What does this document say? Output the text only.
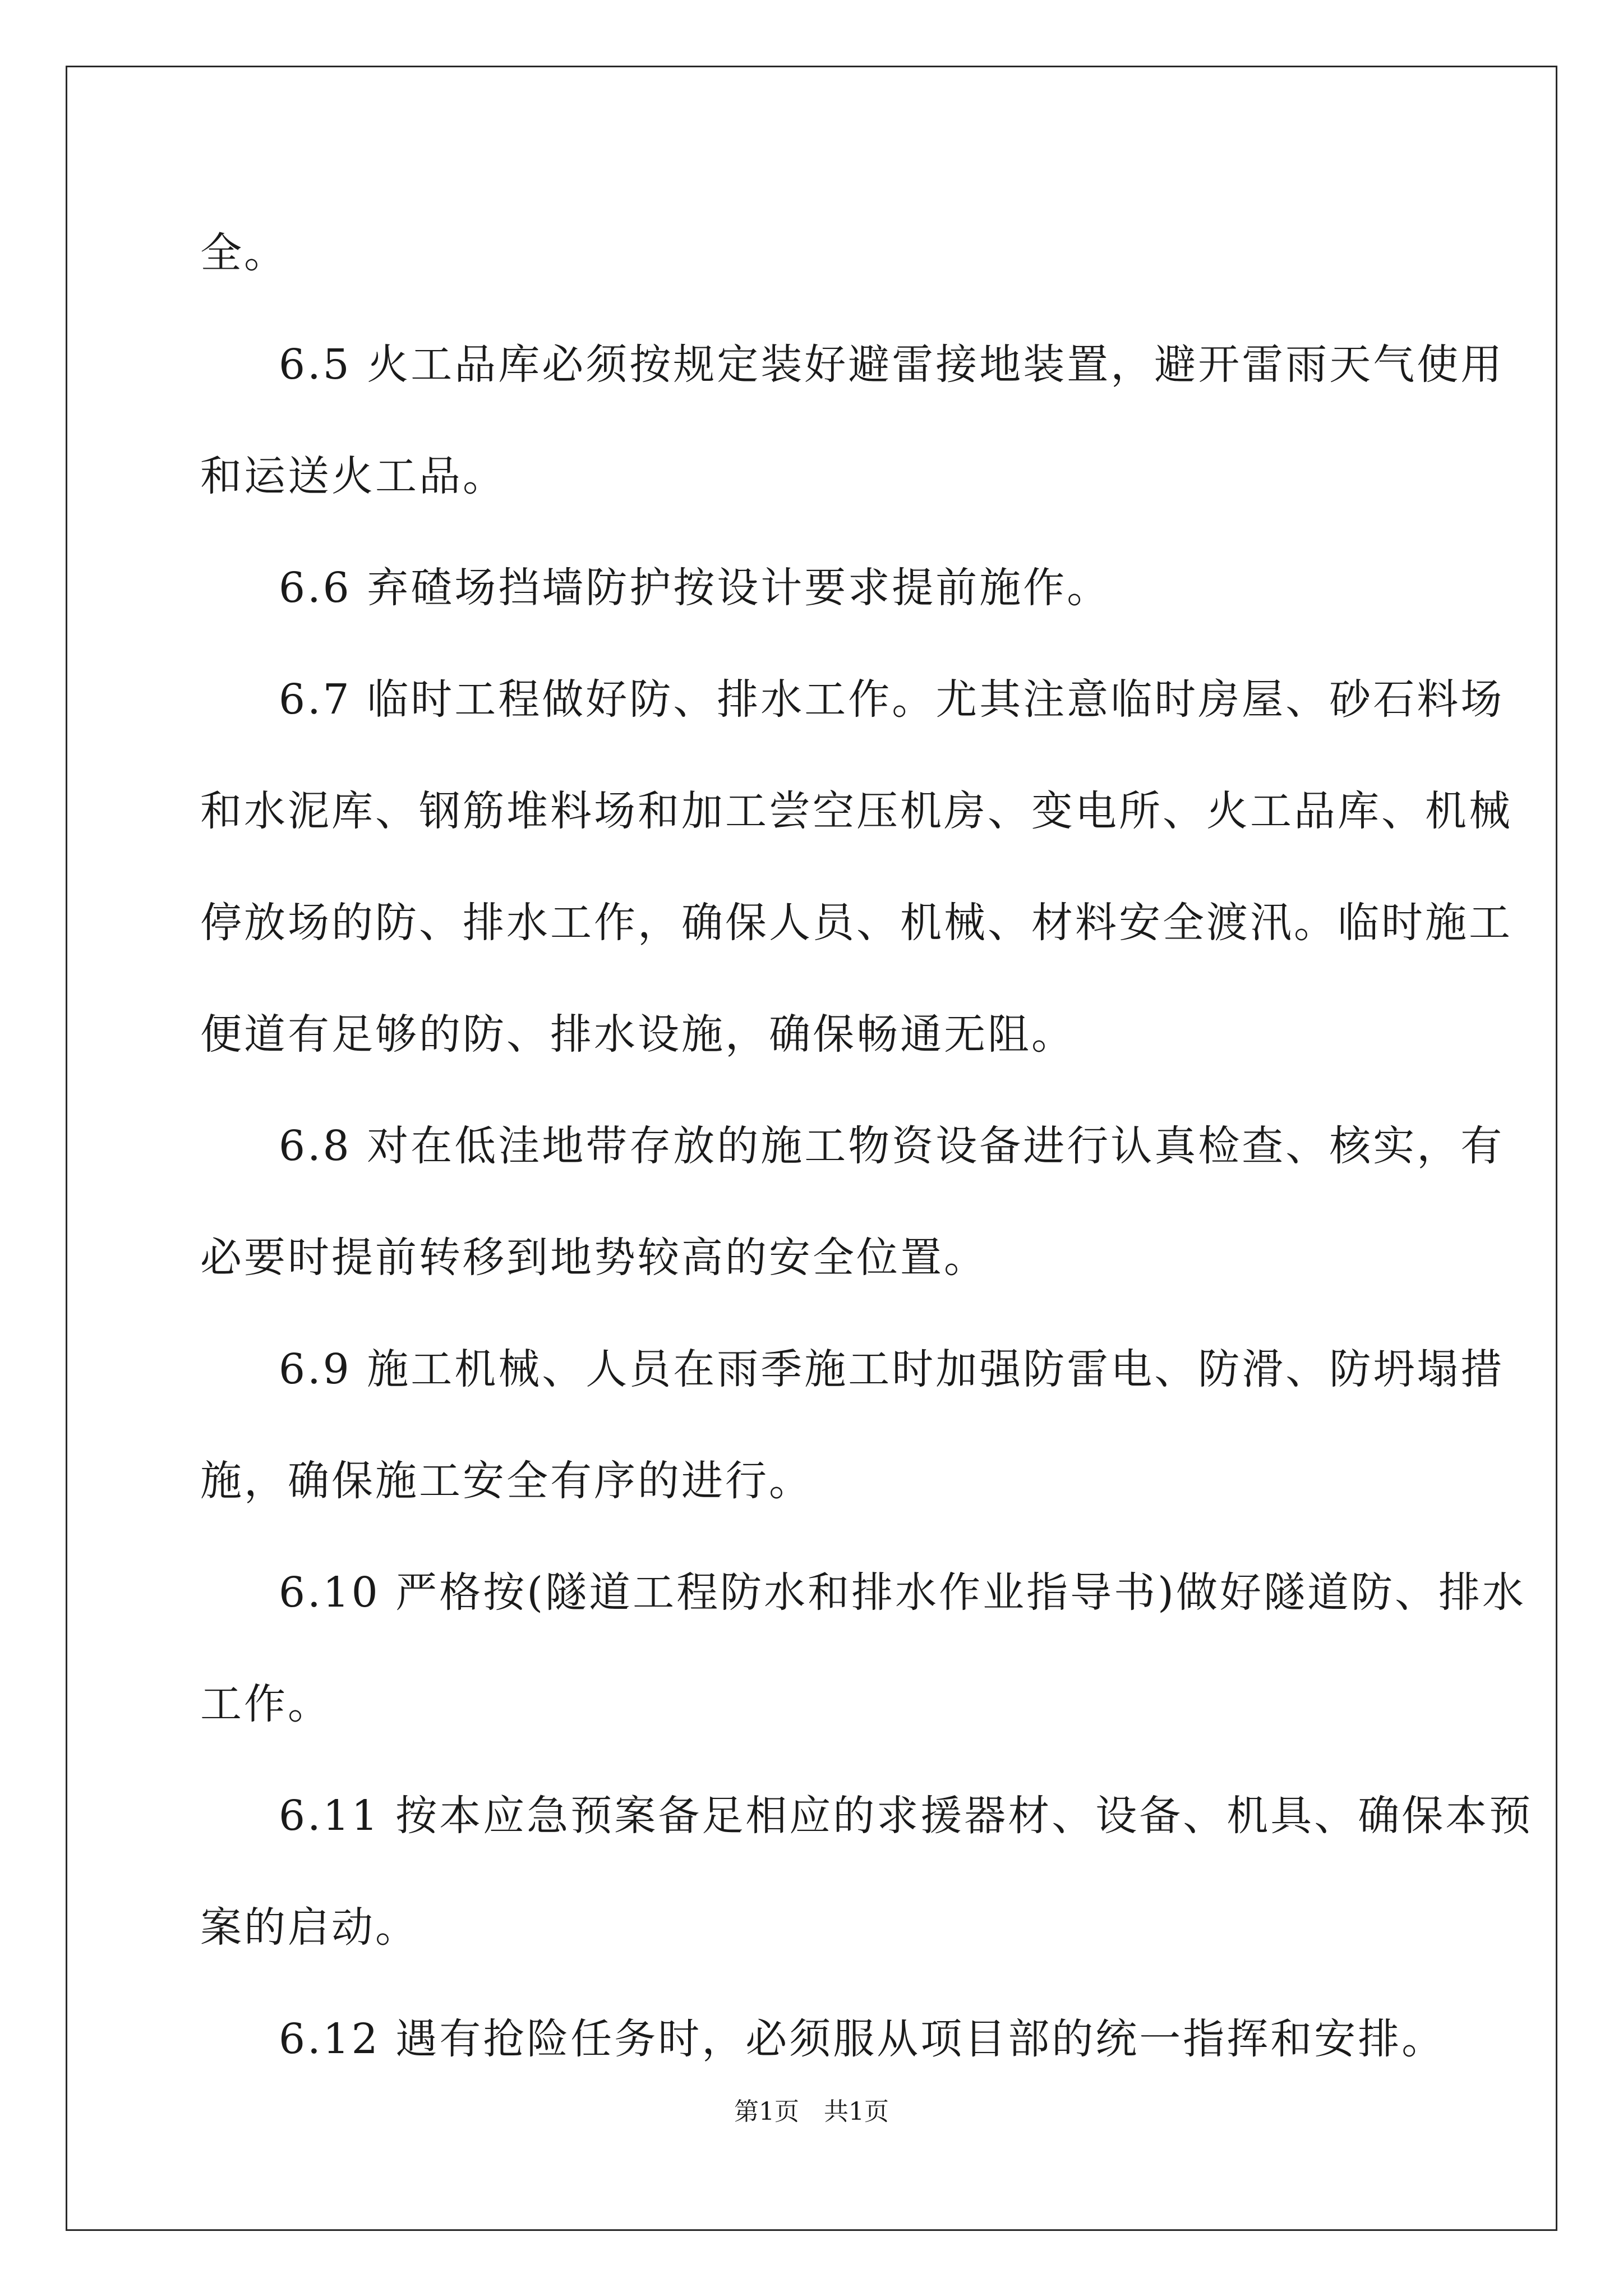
全。

6.5 火工品库必须按规定装好避雷接地装置，避开雷雨天气使用

和运送火工品。

6.6 弃碴场挡墙防护按设计要求提前施作。

6.7 临时工程做好防、排水工作。尤其注意临时房屋、砂石料场

和水泥库、钢筋堆料场和加工尝空压机房、变电所、火工品库、机械

停放场的防、排水工作，确保人员、机械、材料安全渡汛。临时施工

便道有足够的防、排水设施，确保畅通无阻。

6.8 对在低洼地带存放的施工物资设备进行认真检查、核实，有

必要时提前转移到地势较高的安全位置。

6.9 施工机械、人员在雨季施工时加强防雷电、防滑、防坍塌措

施，确保施工安全有序的进行。

6.10 严格按(隧道工程防水和排水作业指导书)做好隧道防、排水

工作。

6.11 按本应急预案备足相应的求援器材、设备、机具、确保本预

案的启动。

6.12 遇有抢险任务时，必须服从项目部的统一指挥和安排。

第1页　共1页
